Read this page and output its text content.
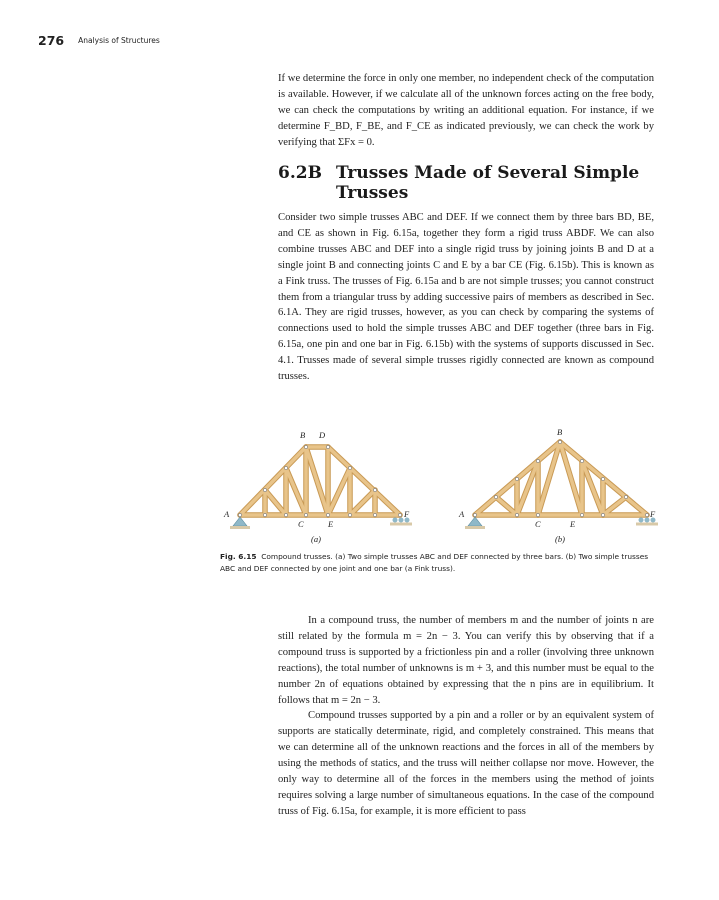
276 Analysis of Structures

If we determine the force in only one member, no independent check of the computation is available. However, if we calculate all of the unknown forces acting on the free body, we can check the computations by writing an additional equation. For instance, if we determine F_BD, F_BE, and F_CE as indicated previously, we can check the work by verifying that ΣFx = 0.

6.2B Trusses Made of Several Simple
Trusses

Consider two simple trusses ABC and DEF. If we connect them by three bars BD, BE, and CE as shown in Fig. 6.15a, together they form a rigid truss ABDF. We can also combine trusses ABC and DEF into a single rigid truss by joining joints B and D at a single joint B and connecting joints C and E by a bar CE (Fig. 6.15b). This is known as a Fink truss. The trusses of Fig. 6.15a and b are not simple trusses; you cannot construct them from a triangular truss by adding successive pairs of members as described in Sec. 6.1A. They are rigid trusses, however, as you can check by comparing the systems of connections used to hold the simple trusses ABC and DEF together (three bars in Fig. 6.15a, one pin and one bar in Fig. 6.15b) with the systems of supports discussed in Sec. 4.1. Trusses made of several simple trusses rigidly connected are known as compound trusses.

A
B
C
D
E
F
(a)
A
B
C	E
F
(b)
Fig. 6.15 Compound trusses. (a) Two simple trusses ABC and DEF connected by three bars. (b) Two simple trusses ABC and DEF connected by one joint and one bar (a Fink truss).

In a compound truss, the number of members m and the number of joints n are still related by the formula m = 2n − 3. You can verify this by observing that if a compound truss is supported by a frictionless pin and a roller (involving three unknown reactions), the total number of unknowns is m + 3, and this number must be equal to the number 2n of equations obtained by expressing that the n pins are in equilibrium. It follows that m = 2n − 3.

Compound trusses supported by a pin and a roller or by an equivalent system of supports are statically determinate, rigid, and completely constrained. This means that we can determine all of the unknown reactions and the forces in all of the members by using the methods of statics, and the truss will neither collapse nor move. However, the only way to determine all of the forces in the members using the method of joints requires solving a large number of simultaneous equations. In the case of the compound truss of Fig. 6.15a, for example, it is more efficient to pass
